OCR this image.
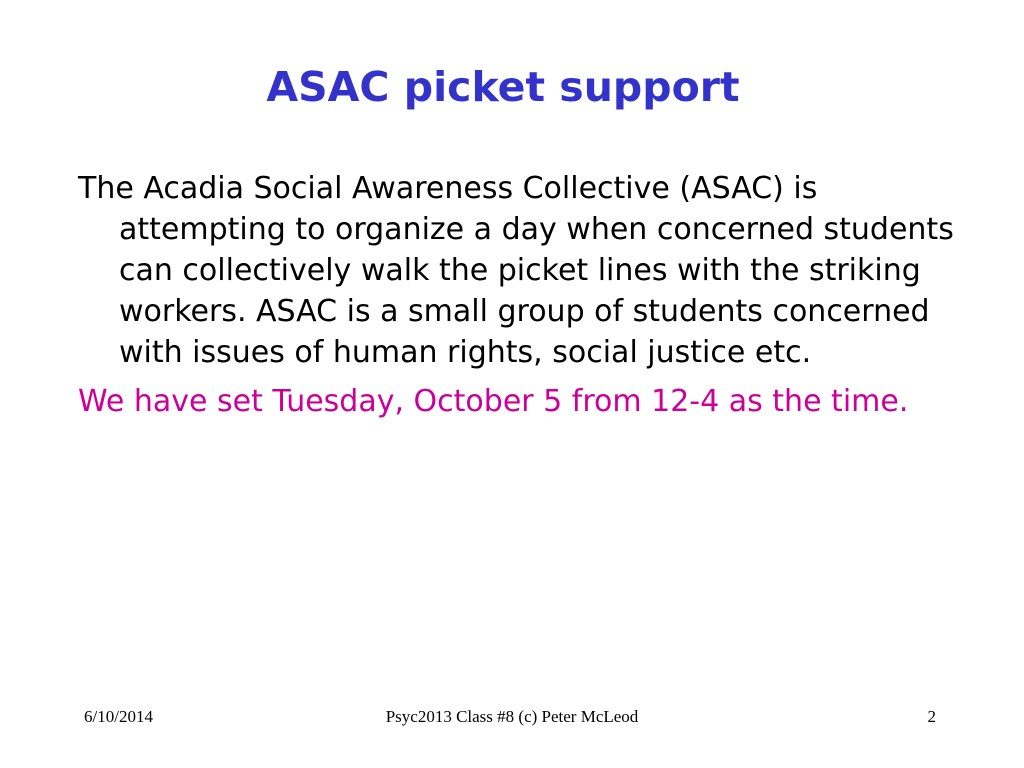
ASAC picket support

The Acadia Social Awareness Collective (ASAC) is attempting to organize a day when concerned students can collectively walk the picket lines with the striking workers. ASAC is a small group of students concerned with issues of human rights, social justice etc.

We have set Tuesday, October 5 from 12-4 as the time.

6/10/2014	Psyc2013 Class #8 (c) Peter McLeod	2
